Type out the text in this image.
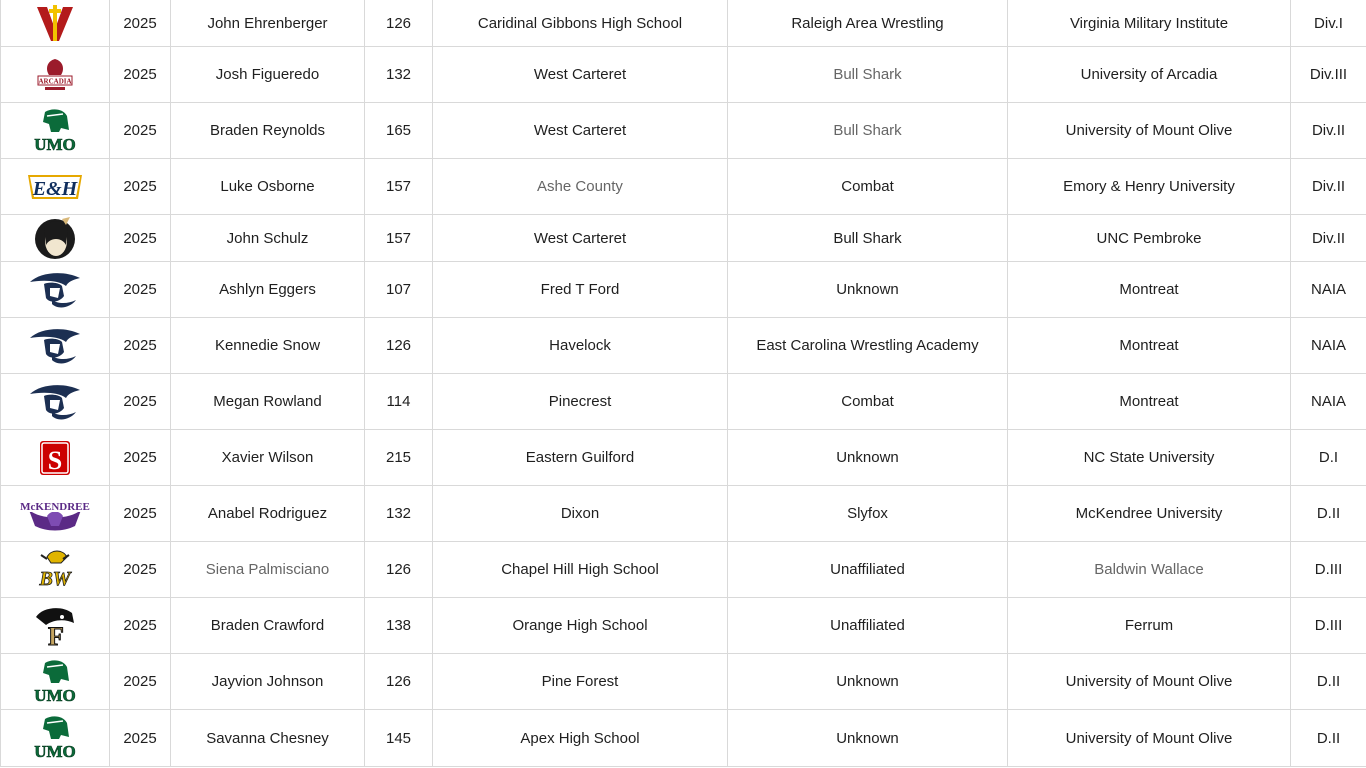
	2025	John Ehrenberger	126	Caridinal Gibbons High School	Raleigh Area Wrestling	Virginia Military Institute	Div.I

ARCADIA	2025	Josh Figueredo	132	West Carteret	Bull Shark	University of Arcadia	Div.III

UMO	2025	Braden Reynolds	165	West Carteret	Bull Shark	University of Mount Olive	Div.II

E&H	2025	Luke Osborne	157	Ashe County	Combat	Emory & Henry University	Div.II

	2025	John Schulz	157	West Carteret	Bull Shark	UNC Pembroke	Div.II

	2025	Ashlyn Eggers	107	Fred T Ford	Unknown	Montreat	NAIA

	2025	Kennedie Snow	126	Havelock	East Carolina Wrestling Academy	Montreat	NAIA

	2025	Megan Rowland	114	Pinecrest	Combat	Montreat	NAIA

S	2025	Xavier Wilson	215	Eastern Guilford	Unknown	NC State University	D.I

McKENDREE	2025	Anabel Rodriguez	132	Dixon	Slyfox	McKendree University	D.II

BW	2025	Siena Palmisciano	126	Chapel Hill High School	Unaffiliated	Baldwin Wallace	D.III

F	2025	Braden Crawford	138	Orange High School	Unaffiliated	Ferrum	D.III

UMO	2025	Jayvion Johnson	126	Pine Forest	Unknown	University of Mount Olive	D.II

UMO	2025	Savanna Chesney	145	Apex High School	Unknown	University of Mount Olive	D.II
